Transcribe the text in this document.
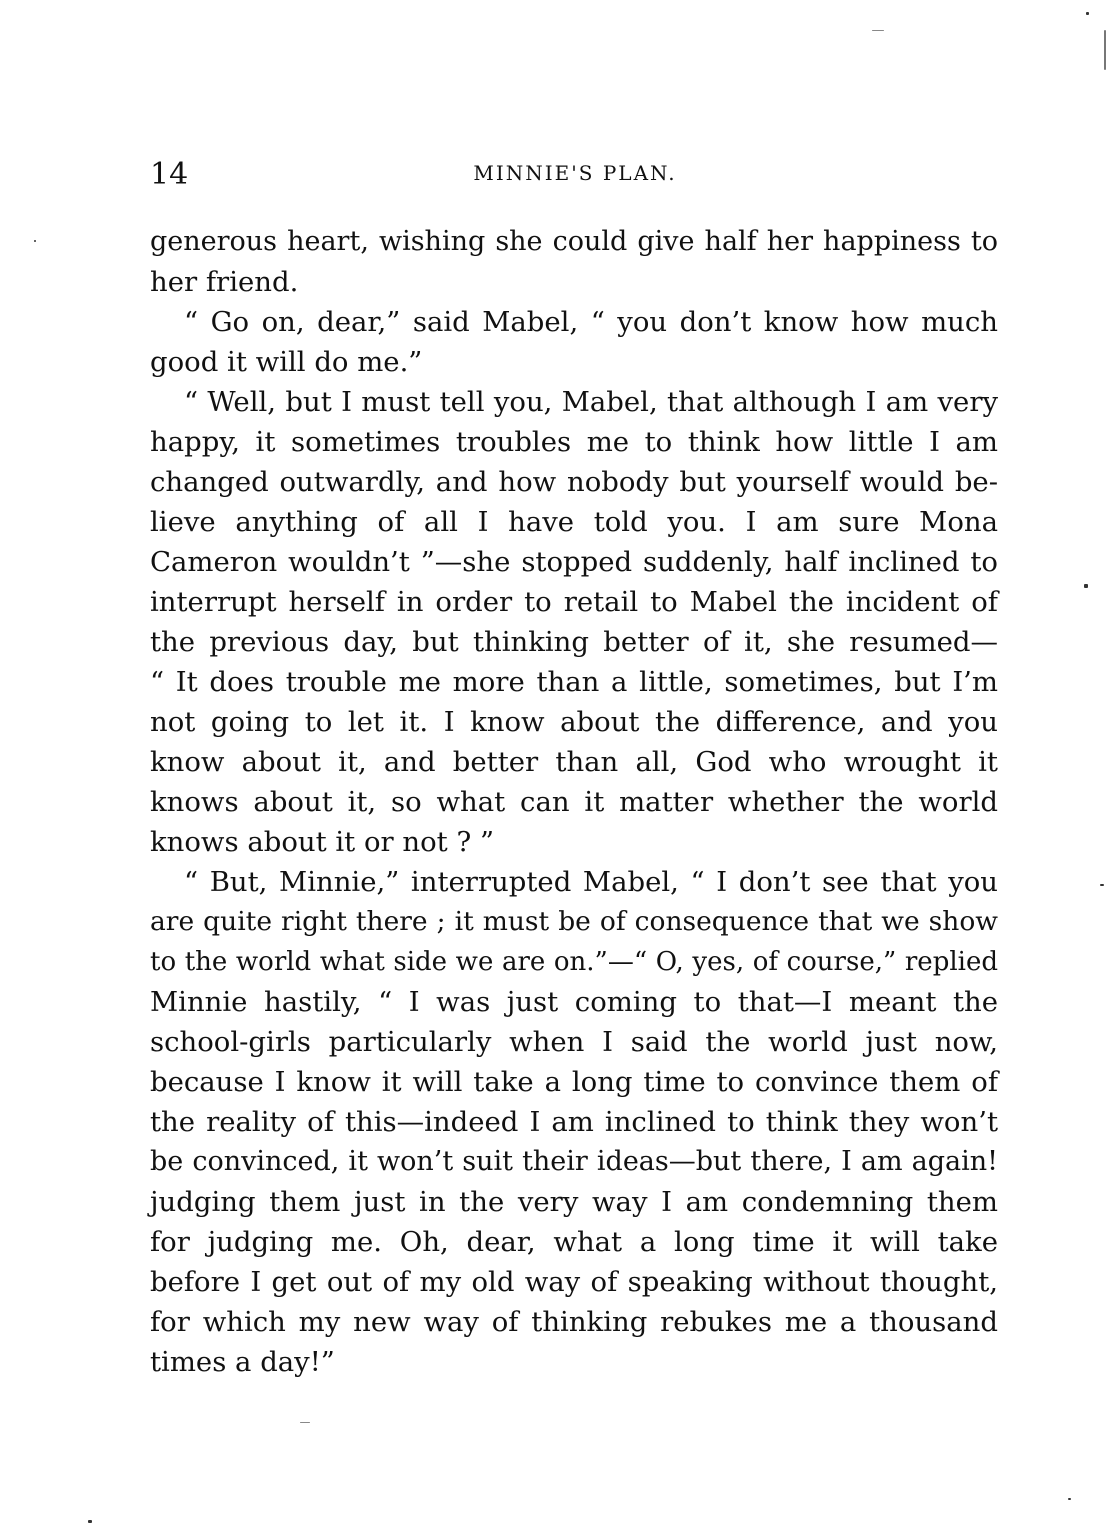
14	MINNIE'S PLAN.
generous heart, wishing she could give half her happiness to
her friend.
“ Go on, dear,” said Mabel, “ you don’t know how much
good it will do me.”
“ Well, but I must tell you, Mabel, that although I am very
happy, it sometimes troubles me to think how little I am
changed outwardly, and how nobody but yourself would be-
lieve anything of all I have told you. I am sure Mona
Cameron wouldn’t ”—she stopped suddenly, half inclined to
interrupt herself in order to retail to Mabel the incident of
the previous day, but thinking better of it, she resumed—
“ It does trouble me more than a little, sometimes, but I’m
not going to let it. I know about the difference, and you
know about it, and better than all, God who wrought it
knows about it, so what can it matter whether the world
knows about it or not ? ”
“ But, Minnie,” interrupted Mabel, “ I don’t see that you
are quite right there ; it must be of consequence that we show
to the world what side we are on.”—“ O, yes, of course,” replied
Minnie hastily, “ I was just coming to that—I meant the
school-girls particularly when I said the world just now,
because I know it will take a long time to convince them of
the reality of this—indeed I am inclined to think they won’t
be convinced, it won’t suit their ideas—but there, I am again!
judging them just in the very way I am condemning them
for judging me. Oh, dear, what a long time it will take
before I get out of my old way of speaking without thought,
for which my new way of thinking rebukes me a thousand
times a day!”
